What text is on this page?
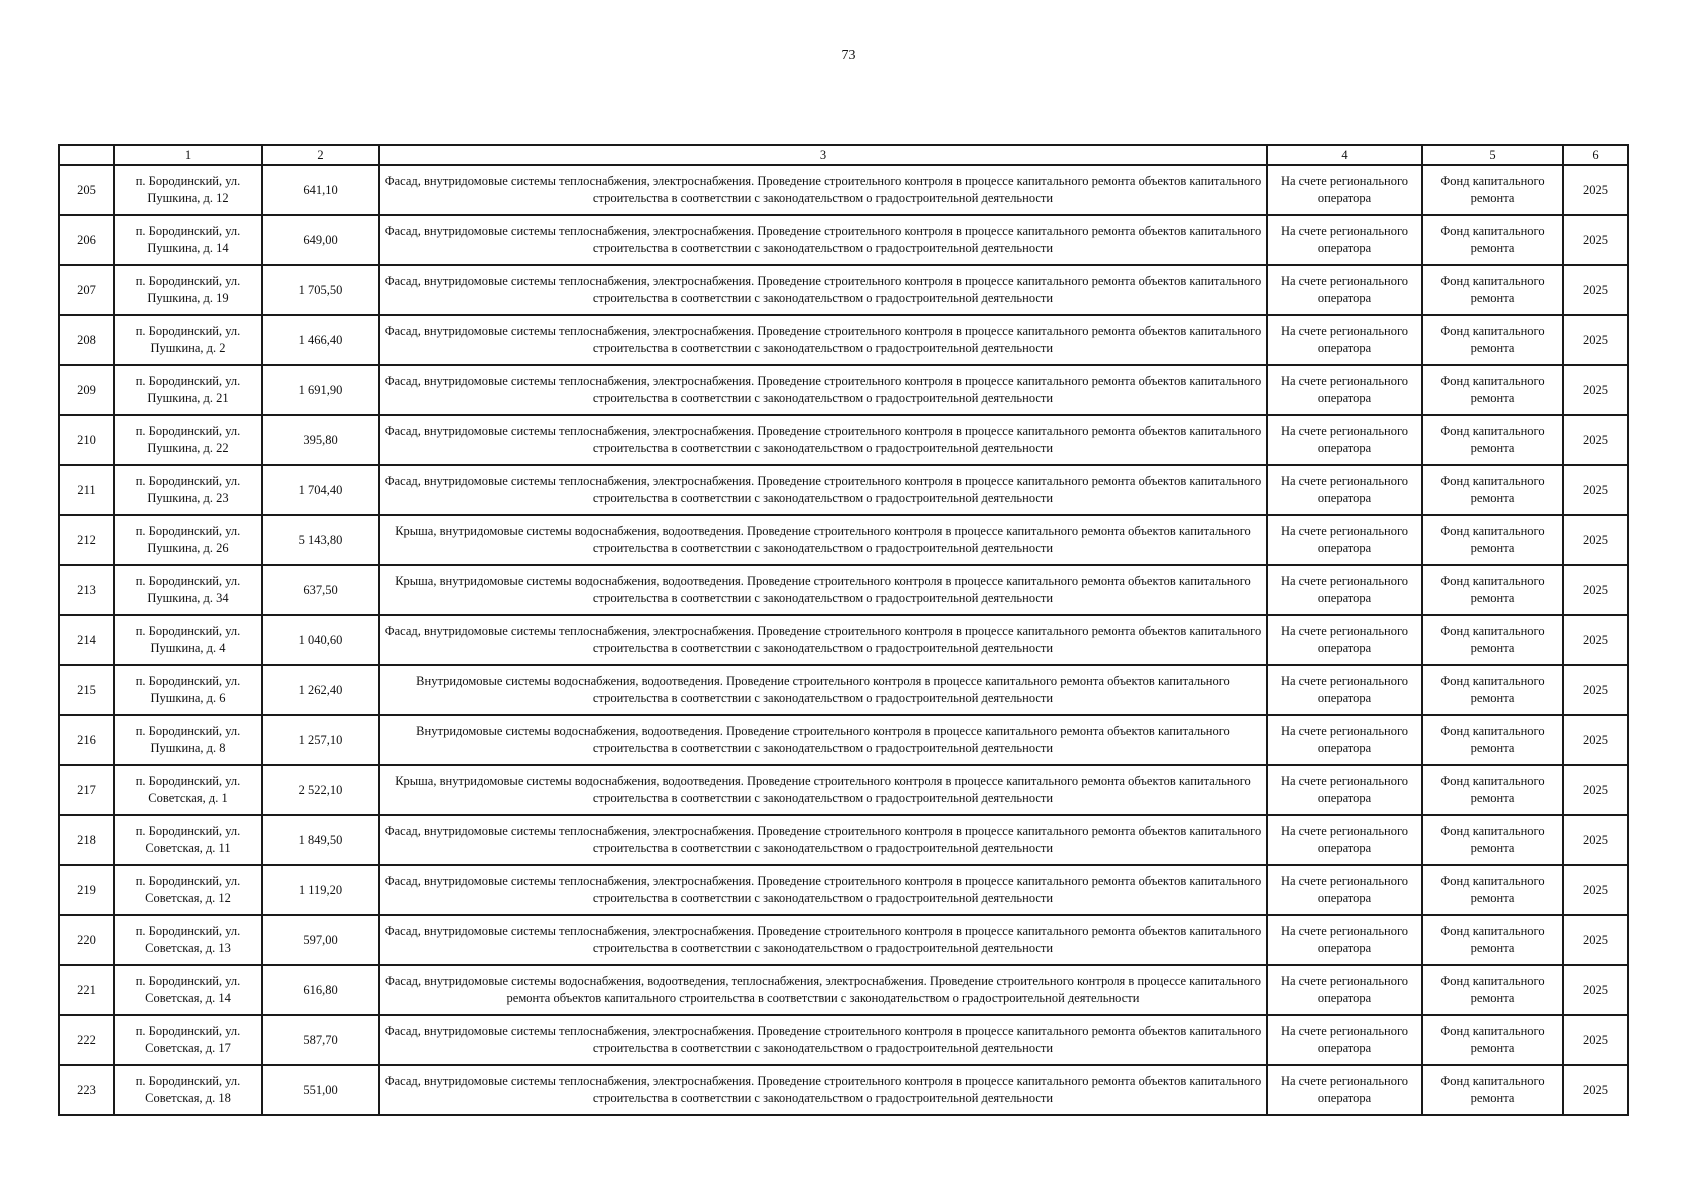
73
	1	2	3	4	5	6
205	п. Бородинский, ул. Пушкина, д. 12	641,10	Фасад, внутридомовые системы теплоснабжения, электроснабжения. Проведение строительного контроля в процессе капитального ремонта объектов капитального строительства в соответствии с законодательством о градостроительной деятельности	На счете регионального оператора	Фонд капитального ремонта	2025
206	п. Бородинский, ул. Пушкина, д. 14	649,00	Фасад, внутридомовые системы теплоснабжения, электроснабжения. Проведение строительного контроля в процессе капитального ремонта объектов капитального строительства в соответствии с законодательством о градостроительной деятельности	На счете регионального оператора	Фонд капитального ремонта	2025
207	п. Бородинский, ул. Пушкина, д. 19	1 705,50	Фасад, внутридомовые системы теплоснабжения, электроснабжения. Проведение строительного контроля в процессе капитального ремонта объектов капитального строительства в соответствии с законодательством о градостроительной деятельности	На счете регионального оператора	Фонд капитального ремонта	2025
208	п. Бородинский, ул. Пушкина, д. 2	1 466,40	Фасад, внутридомовые системы теплоснабжения, электроснабжения. Проведение строительного контроля в процессе капитального ремонта объектов капитального строительства в соответствии с законодательством о градостроительной деятельности	На счете регионального оператора	Фонд капитального ремонта	2025
209	п. Бородинский, ул. Пушкина, д. 21	1 691,90	Фасад, внутридомовые системы теплоснабжения, электроснабжения. Проведение строительного контроля в процессе капитального ремонта объектов капитального строительства в соответствии с законодательством о градостроительной деятельности	На счете регионального оператора	Фонд капитального ремонта	2025
210	п. Бородинский, ул. Пушкина, д. 22	395,80	Фасад, внутридомовые системы теплоснабжения, электроснабжения. Проведение строительного контроля в процессе капитального ремонта объектов капитального строительства в соответствии с законодательством о градостроительной деятельности	На счете регионального оператора	Фонд капитального ремонта	2025
211	п. Бородинский, ул. Пушкина, д. 23	1 704,40	Фасад, внутридомовые системы теплоснабжения, электроснабжения. Проведение строительного контроля в процессе капитального ремонта объектов капитального строительства в соответствии с законодательством о градостроительной деятельности	На счете регионального оператора	Фонд капитального ремонта	2025
212	п. Бородинский, ул. Пушкина, д. 26	5 143,80	Крыша, внутридомовые системы водоснабжения, водоотведения. Проведение строительного контроля в процессе капитального ремонта объектов капитального строительства в соответствии с законодательством о градостроительной деятельности	На счете регионального оператора	Фонд капитального ремонта	2025
213	п. Бородинский, ул. Пушкина, д. 34	637,50	Крыша, внутридомовые системы водоснабжения, водоотведения. Проведение строительного контроля в процессе капитального ремонта объектов капитального строительства в соответствии с законодательством о градостроительной деятельности	На счете регионального оператора	Фонд капитального ремонта	2025
214	п. Бородинский, ул. Пушкина, д. 4	1 040,60	Фасад, внутридомовые системы теплоснабжения, электроснабжения. Проведение строительного контроля в процессе капитального ремонта объектов капитального строительства в соответствии с законодательством о градостроительной деятельности	На счете регионального оператора	Фонд капитального ремонта	2025
215	п. Бородинский, ул. Пушкина, д. 6	1 262,40	Внутридомовые системы водоснабжения, водоотведения. Проведение строительного контроля в процессе капитального ремонта объектов капитального строительства в соответствии с законодательством о градостроительной деятельности	На счете регионального оператора	Фонд капитального ремонта	2025
216	п. Бородинский, ул. Пушкина, д. 8	1 257,10	Внутридомовые системы водоснабжения, водоотведения. Проведение строительного контроля в процессе капитального ремонта объектов капитального строительства в соответствии с законодательством о градостроительной деятельности	На счете регионального оператора	Фонд капитального ремонта	2025
217	п. Бородинский, ул. Советская, д. 1	2 522,10	Крыша, внутридомовые системы водоснабжения, водоотведения. Проведение строительного контроля в процессе капитального ремонта объектов капитального строительства в соответствии с законодательством о градостроительной деятельности	На счете регионального оператора	Фонд капитального ремонта	2025
218	п. Бородинский, ул. Советская, д. 11	1 849,50	Фасад, внутридомовые системы теплоснабжения, электроснабжения. Проведение строительного контроля в процессе капитального ремонта объектов капитального строительства в соответствии с законодательством о градостроительной деятельности	На счете регионального оператора	Фонд капитального ремонта	2025
219	п. Бородинский, ул. Советская, д. 12	1 119,20	Фасад, внутридомовые системы теплоснабжения, электроснабжения. Проведение строительного контроля в процессе капитального ремонта объектов капитального строительства в соответствии с законодательством о градостроительной деятельности	На счете регионального оператора	Фонд капитального ремонта	2025
220	п. Бородинский, ул. Советская, д. 13	597,00	Фасад, внутридомовые системы теплоснабжения, электроснабжения. Проведение строительного контроля в процессе капитального ремонта объектов капитального строительства в соответствии с законодательством о градостроительной деятельности	На счете регионального оператора	Фонд капитального ремонта	2025
221	п. Бородинский, ул. Советская, д. 14	616,80	Фасад, внутридомовые системы водоснабжения, водоотведения, теплоснабжения, электроснабжения. Проведение строительного контроля в процессе капитального ремонта объектов капитального строительства в соответствии с законодательством о градостроительной деятельности	На счете регионального оператора	Фонд капитального ремонта	2025
222	п. Бородинский, ул. Советская, д. 17	587,70	Фасад, внутридомовые системы теплоснабжения, электроснабжения. Проведение строительного контроля в процессе капитального ремонта объектов капитального строительства в соответствии с законодательством о градостроительной деятельности	На счете регионального оператора	Фонд капитального ремонта	2025
223	п. Бородинский, ул. Советская, д. 18	551,00	Фасад, внутридомовые системы теплоснабжения, электроснабжения. Проведение строительного контроля в процессе капитального ремонта объектов капитального строительства в соответствии с законодательством о градостроительной деятельности	На счете регионального оператора	Фонд капитального ремонта	2025
